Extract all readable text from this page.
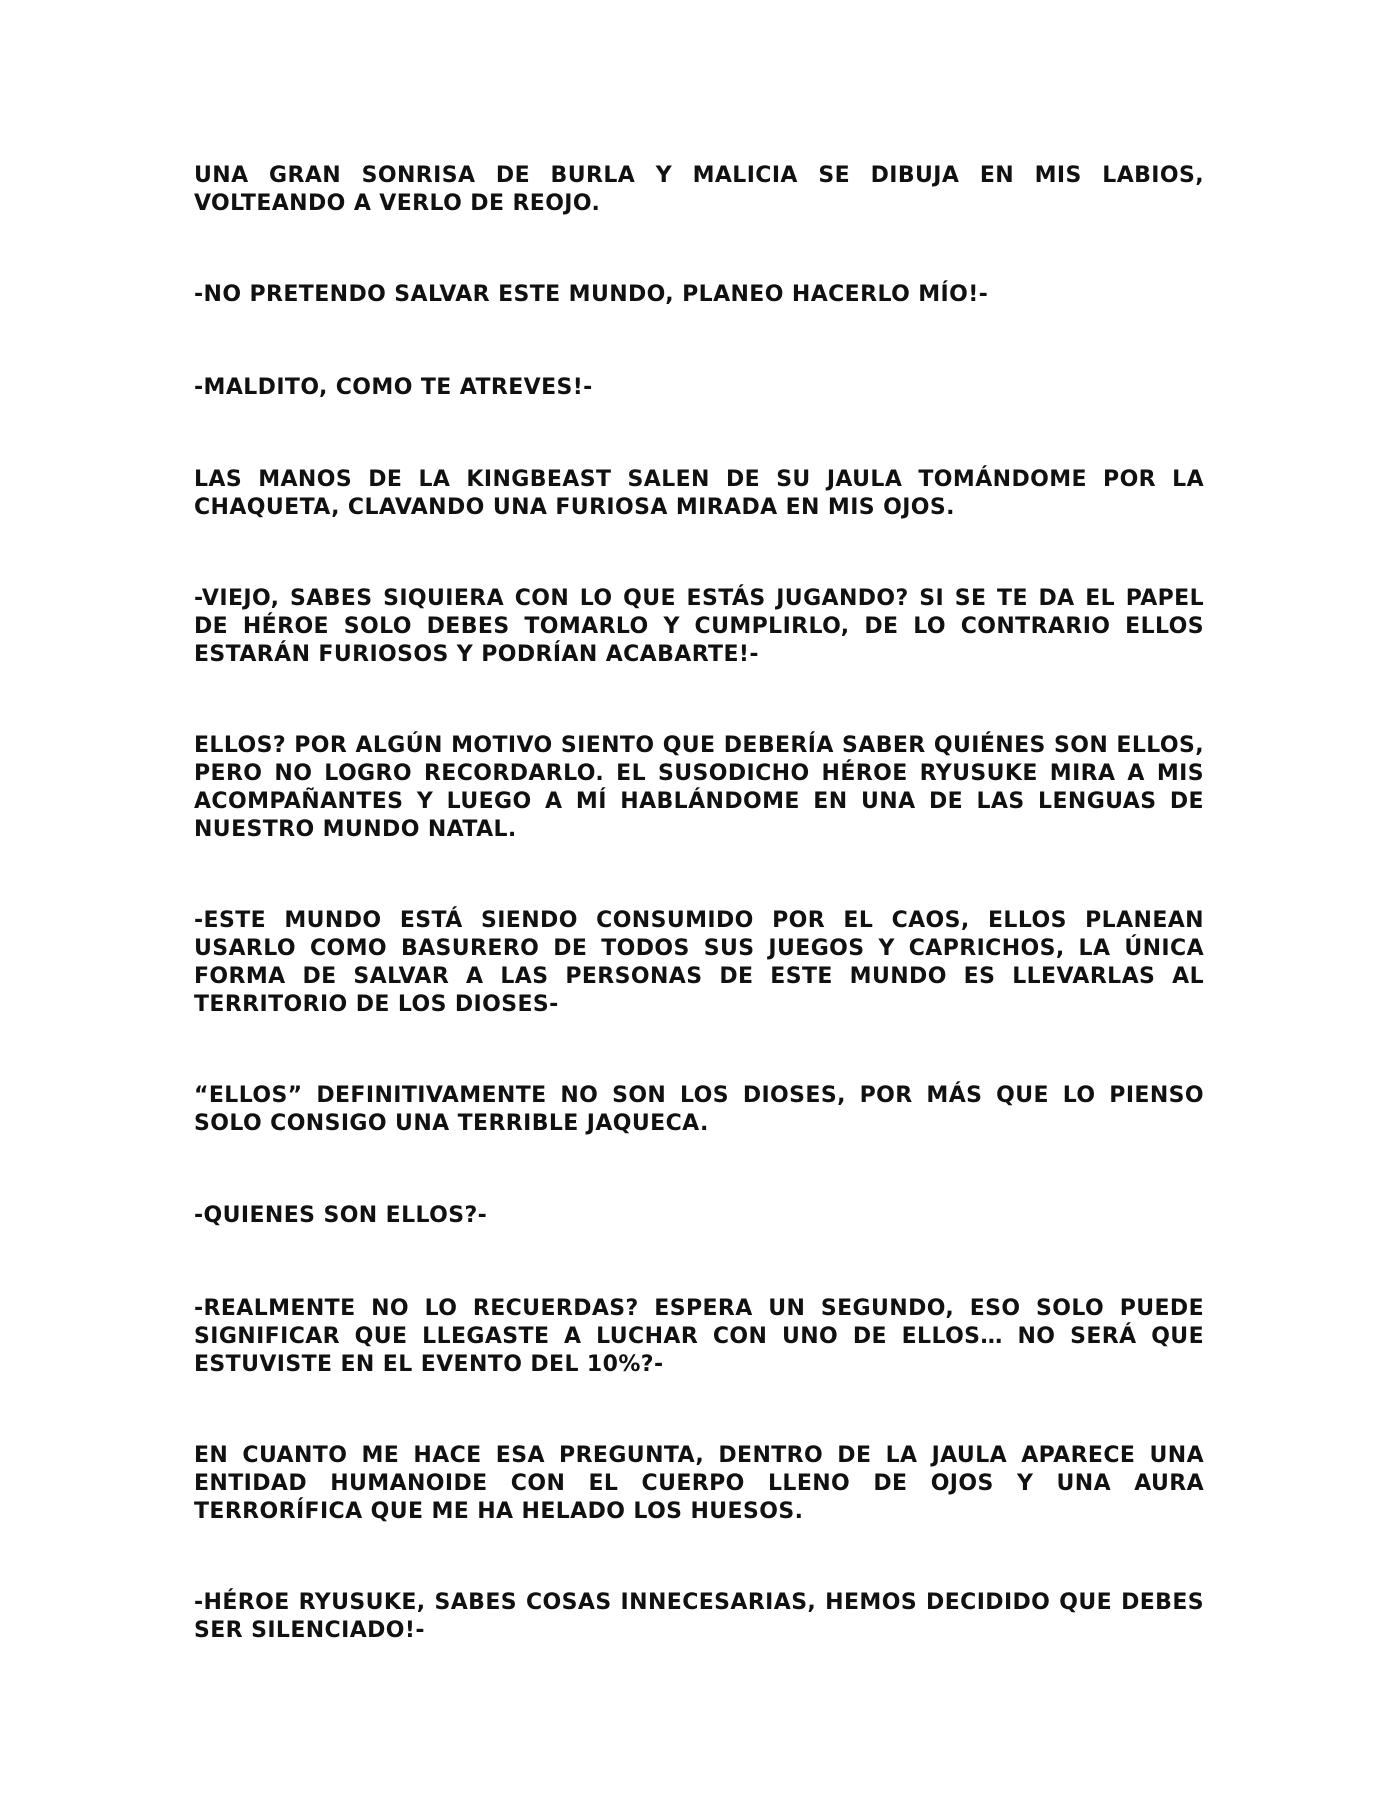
UNA GRAN SONRISA DE BURLA Y MALICIA SE DIBUJA EN MIS LABIOS, VOLTEANDO A VERLO DE REOJO.

-NO PRETENDO SALVAR ESTE MUNDO, PLANEO HACERLO MÍO!-

-MALDITO, COMO TE ATREVES!-

LAS MANOS DE LA KINGBEAST SALEN DE SU JAULA TOMÁNDOME POR LA CHAQUETA, CLAVANDO UNA FURIOSA MIRADA EN MIS OJOS.

-VIEJO, SABES SIQUIERA CON LO QUE ESTÁS JUGANDO? SI SE TE DA EL PAPEL DE HÉROE SOLO DEBES TOMARLO Y CUMPLIRLO, DE LO CONTRARIO ELLOS ESTARÁN FURIOSOS Y PODRÍAN ACABARTE!-

ELLOS? POR ALGÚN MOTIVO SIENTO QUE DEBERÍA SABER QUIÉNES SON ELLOS, PERO NO LOGRO RECORDARLO. EL SUSODICHO HÉROE RYUSUKE MIRA A MIS ACOMPAÑANTES Y LUEGO A MÍ HABLÁNDOME EN UNA DE LAS LENGUAS DE NUESTRO MUNDO NATAL.

-ESTE MUNDO ESTÁ SIENDO CONSUMIDO POR EL CAOS, ELLOS PLANEAN USARLO COMO BASURERO DE TODOS SUS JUEGOS Y CAPRICHOS, LA ÚNICA FORMA DE SALVAR A LAS PERSONAS DE ESTE MUNDO ES LLEVARLAS AL TERRITORIO DE LOS DIOSES-

“ELLOS” DEFINITIVAMENTE NO SON LOS DIOSES, POR MÁS QUE LO PIENSO SOLO CONSIGO UNA TERRIBLE JAQUECA.

-QUIENES SON ELLOS?-

-REALMENTE NO LO RECUERDAS? ESPERA UN SEGUNDO, ESO SOLO PUEDE SIGNIFICAR QUE LLEGASTE A LUCHAR CON UNO DE ELLOS… NO SERÁ QUE ESTUVISTE EN EL EVENTO DEL 10%?-

EN CUANTO ME HACE ESA PREGUNTA, DENTRO DE LA JAULA APARECE UNA ENTIDAD HUMANOIDE CON EL CUERPO LLENO DE OJOS Y UNA AURA TERRORÍFICA QUE ME HA HELADO LOS HUESOS.

-HÉROE RYUSUKE, SABES COSAS INNECESARIAS, HEMOS DECIDIDO QUE DEBES SER SILENCIADO!-
